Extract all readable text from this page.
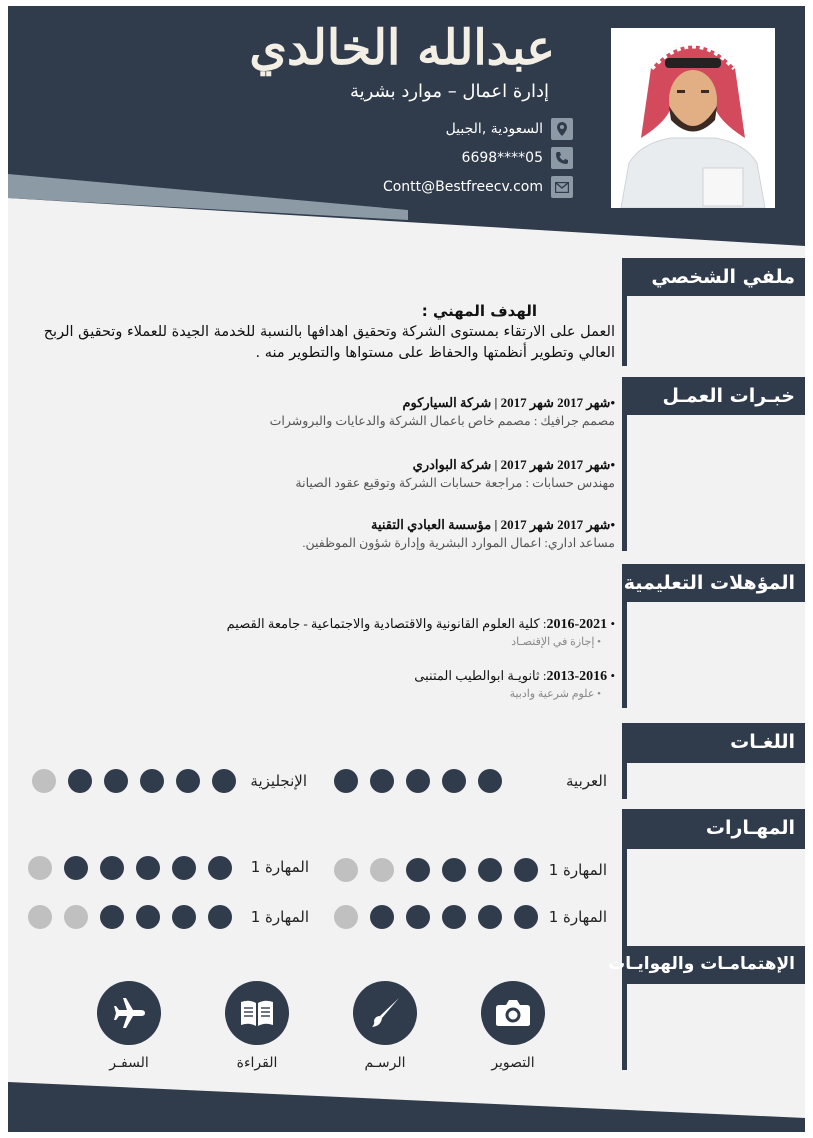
عبدالله الخالدي
إدارة اعمال – موارد بشرية
السعودية ,الجبيل
05****6698
Contt@Bestfreecv.com
ملفي الشخصي
الهدف المهني :
العمل على الارتقاء بمستوى الشركة وتحقيق اهدافها بالنسبة للخدمة الجيدة للعملاء وتحقيق الربح العالي وتطوير أنظمتها والحفاظ على مستواها والتطوير منه .
خبـرات العمـل
•شهر 2017 شهر 2017 | شركة السياركوم
مصمم جرافيك : مصمم خاص باعمال الشركة والدعايات والبروشرات
•شهر 2017 شهر 2017 | شركة البوادري
مهندس حسابات : مراجعة حسابات الشركة وتوقيع عقود الصيانة
•شهر 2017 شهر 2017 | مؤسسة العبادي التقنية
مساعد اداري: اعمال الموارد البشرية وإدارة شؤون الموظفين.
المؤهلات التعليمية
• 2016-2021: كلية العلوم القانونية والاقتصادية والاجتماعية - جامعة القصيم
• إجازة في الإقتصـاد
• 2013-2016: ثانويـة ابوالطيب المتنبى
• علوم شرعية وادبية
اللغـات
العربية
الإنجليزية
المهـارات
المهارة 1
المهارة 1
المهارة 1
المهارة 1
الإهتمامـات والهوايـات
التصوير
الرسـم
القراءة
السفـر
